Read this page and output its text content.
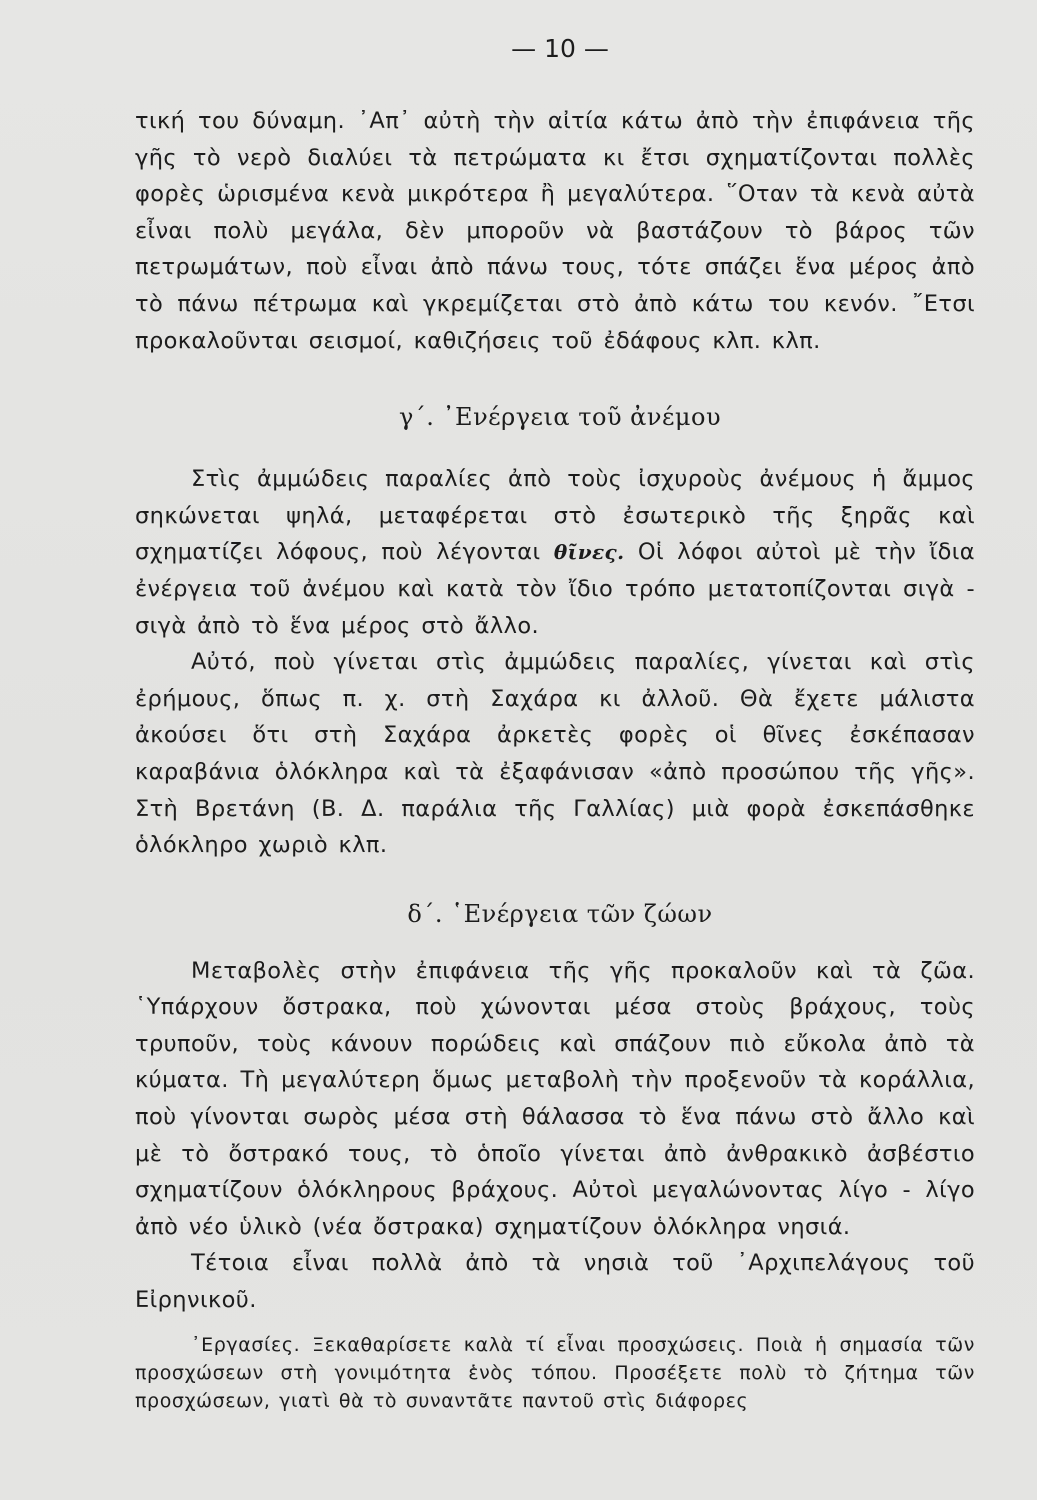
— 10 —

τική του δύναμη. ᾿Απ᾿ αὐτὴ τὴν αἰτία κάτω ἀπὸ τὴν ἐπιφάνεια τῆς γῆς τὸ νερὸ διαλύει τὰ πετρώματα κι ἔτσι σχηματίζονται πολλὲς φορὲς ὡρισμένα κενὰ μικρότερα ἢ μεγαλύτερα. ῞Οταν τὰ κενὰ αὐτὰ εἶναι πολὺ μεγάλα, δὲν μποροῦν νὰ βαστάζουν τὸ βάρος τῶν πετρωμάτων, ποὺ εἶναι ἀπὸ πάνω τους, τότε σπάζει ἕνα μέρος ἀπὸ τὸ πάνω πέτρωμα καὶ γκρεμίζεται στὸ ἀπὸ κάτω του κενόν. ῎Ετσι προκαλοῦνται σεισμοί, καθιζήσεις τοῦ ἐδάφους κλπ. κλπ.

γ΄. ᾿Ενέργεια τοῦ ἀνέμου

Στὶς ἀμμώδεις παραλίες ἀπὸ τοὺς ἰσχυροὺς ἀνέμους ἡ ἄμμος σηκώνεται ψηλά, μεταφέρεται στὸ ἐσωτερικὸ τῆς ξηρᾶς καὶ σχηματίζει λόφους, ποὺ λέγονται θῖνες. Οἱ λόφοι αὐτοὶ μὲ τὴν ἴδια ἐνέργεια τοῦ ἀνέμου καὶ κατὰ τὸν ἴδιο τρόπο μετατοπίζονται σιγὰ - σιγὰ ἀπὸ τὸ ἕνα μέρος στὸ ἄλλο.

Αὐτό, ποὺ γίνεται στὶς ἀμμώδεις παραλίες, γίνεται καὶ στὶς ἐρήμους, ὅπως π. χ. στὴ Σαχάρα κι ἀλλοῦ. Θὰ ἔχετε μάλιστα ἀκούσει ὅτι στὴ Σαχάρα ἀρκετὲς φορὲς οἱ θῖνες ἐσκέπασαν καραβάνια ὁλόκληρα καὶ τὰ ἐξαφάνισαν «ἀπὸ προσώπου τῆς γῆς». Στὴ Βρετάνη (Β. Δ. παράλια τῆς Γαλλίας) μιὰ φορὰ ἐσκεπάσθηκε ὁλόκληρο χωριὸ κλπ.

δ΄. ῾Ενέργεια τῶν ζώων

Μεταβολὲς στὴν ἐπιφάνεια τῆς γῆς προκαλοῦν καὶ τὰ ζῶα. ῾Υπάρχουν ὄστρακα, ποὺ χώνονται μέσα στοὺς βράχους, τοὺς τρυποῦν, τοὺς κάνουν πορώδεις καὶ σπάζουν πιὸ εὔκολα ἀπὸ τὰ κύματα. Τὴ μεγαλύτερη ὅμως μεταβολὴ τὴν προξενοῦν τὰ κοράλλια, ποὺ γίνονται σωρὸς μέσα στὴ θάλασσα τὸ ἕνα πάνω στὸ ἄλλο καὶ μὲ τὸ ὄστρακό τους, τὸ ὁποῖο γίνεται ἀπὸ ἀνθρακικὸ ἀσβέστιο σχηματίζουν ὁλόκληρους βράχους. Αὐτοὶ μεγαλώνοντας λίγο - λίγο ἀπὸ νέο ὑλικὸ (νέα ὄστρακα) σχηματίζουν ὁλόκληρα νησιά.

Τέτοια εἶναι πολλὰ ἀπὸ τὰ νησιὰ τοῦ ᾿Αρχιπελάγους τοῦ Εἰρηνικοῦ.

᾿Εργασίες. Ξεκαθαρίσετε καλὰ τί εἶναι προσχώσεις. Ποιὰ ἡ σημασία τῶν προσχώσεων στὴ γονιμότητα ἑνὸς τόπου. Προσέξετε πολὺ τὸ ζήτημα τῶν προσχώσεων, γιατὶ θὰ τὸ συναντᾶτε παντοῦ στὶς διάφορες
